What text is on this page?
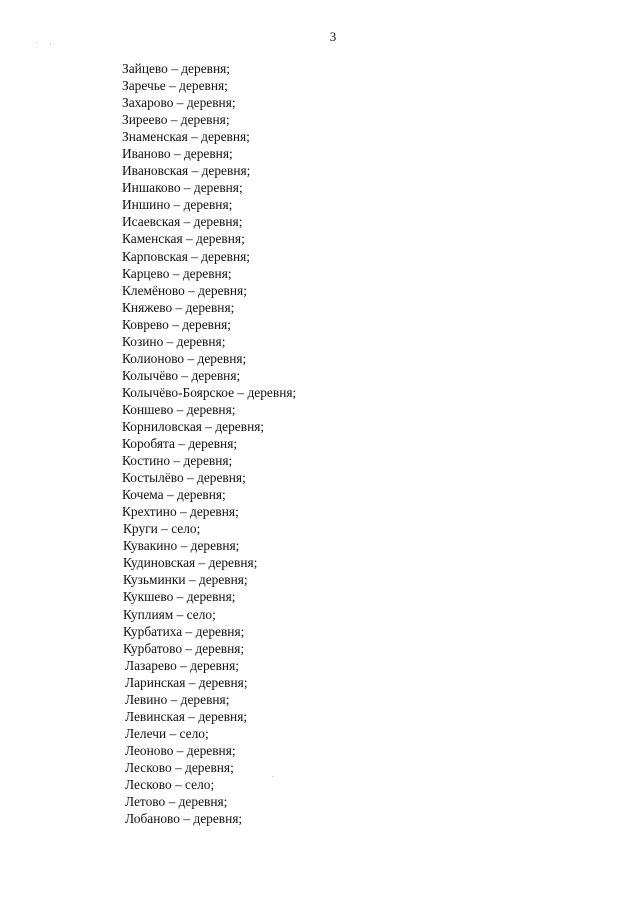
3
Зайцево – деревня;
Заречье – деревня;
Захарово – деревня;
Зиреево – деревня;
Знаменская – деревня;
Иваново – деревня;
Ивановская – деревня;
Иншаково – деревня;
Иншино – деревня;
Исаевская – деревня;
Каменская – деревня;
Карповская – деревня;
Карцево – деревня;
Клемёново – деревня;
Княжево – деревня;
Коврево – деревня;
Козино – деревня;
Колионово – деревня;
Колычёво – деревня;
Колычёво-Боярское – деревня;
Коншево – деревня;
Корниловская – деревня;
Коробята – деревня;
Костино – деревня;
Костылёво – деревня;
Кочема – деревня;
Крехтино – деревня;
Круги – село;
Кувакино – деревня;
Кудиновская – деревня;
Кузьминки – деревня;
Кукшево – деревня;
Куплиям – село;
Курбатиха – деревня;
Курбатово – деревня;
Лазарево – деревня;
Ларинская – деревня;
Левино – деревня;
Левинская – деревня;
Лелечи – село;
Леоново – деревня;
Лесково – деревня;
Лесково – село;
Летово – деревня;
Лобаново – деревня;
